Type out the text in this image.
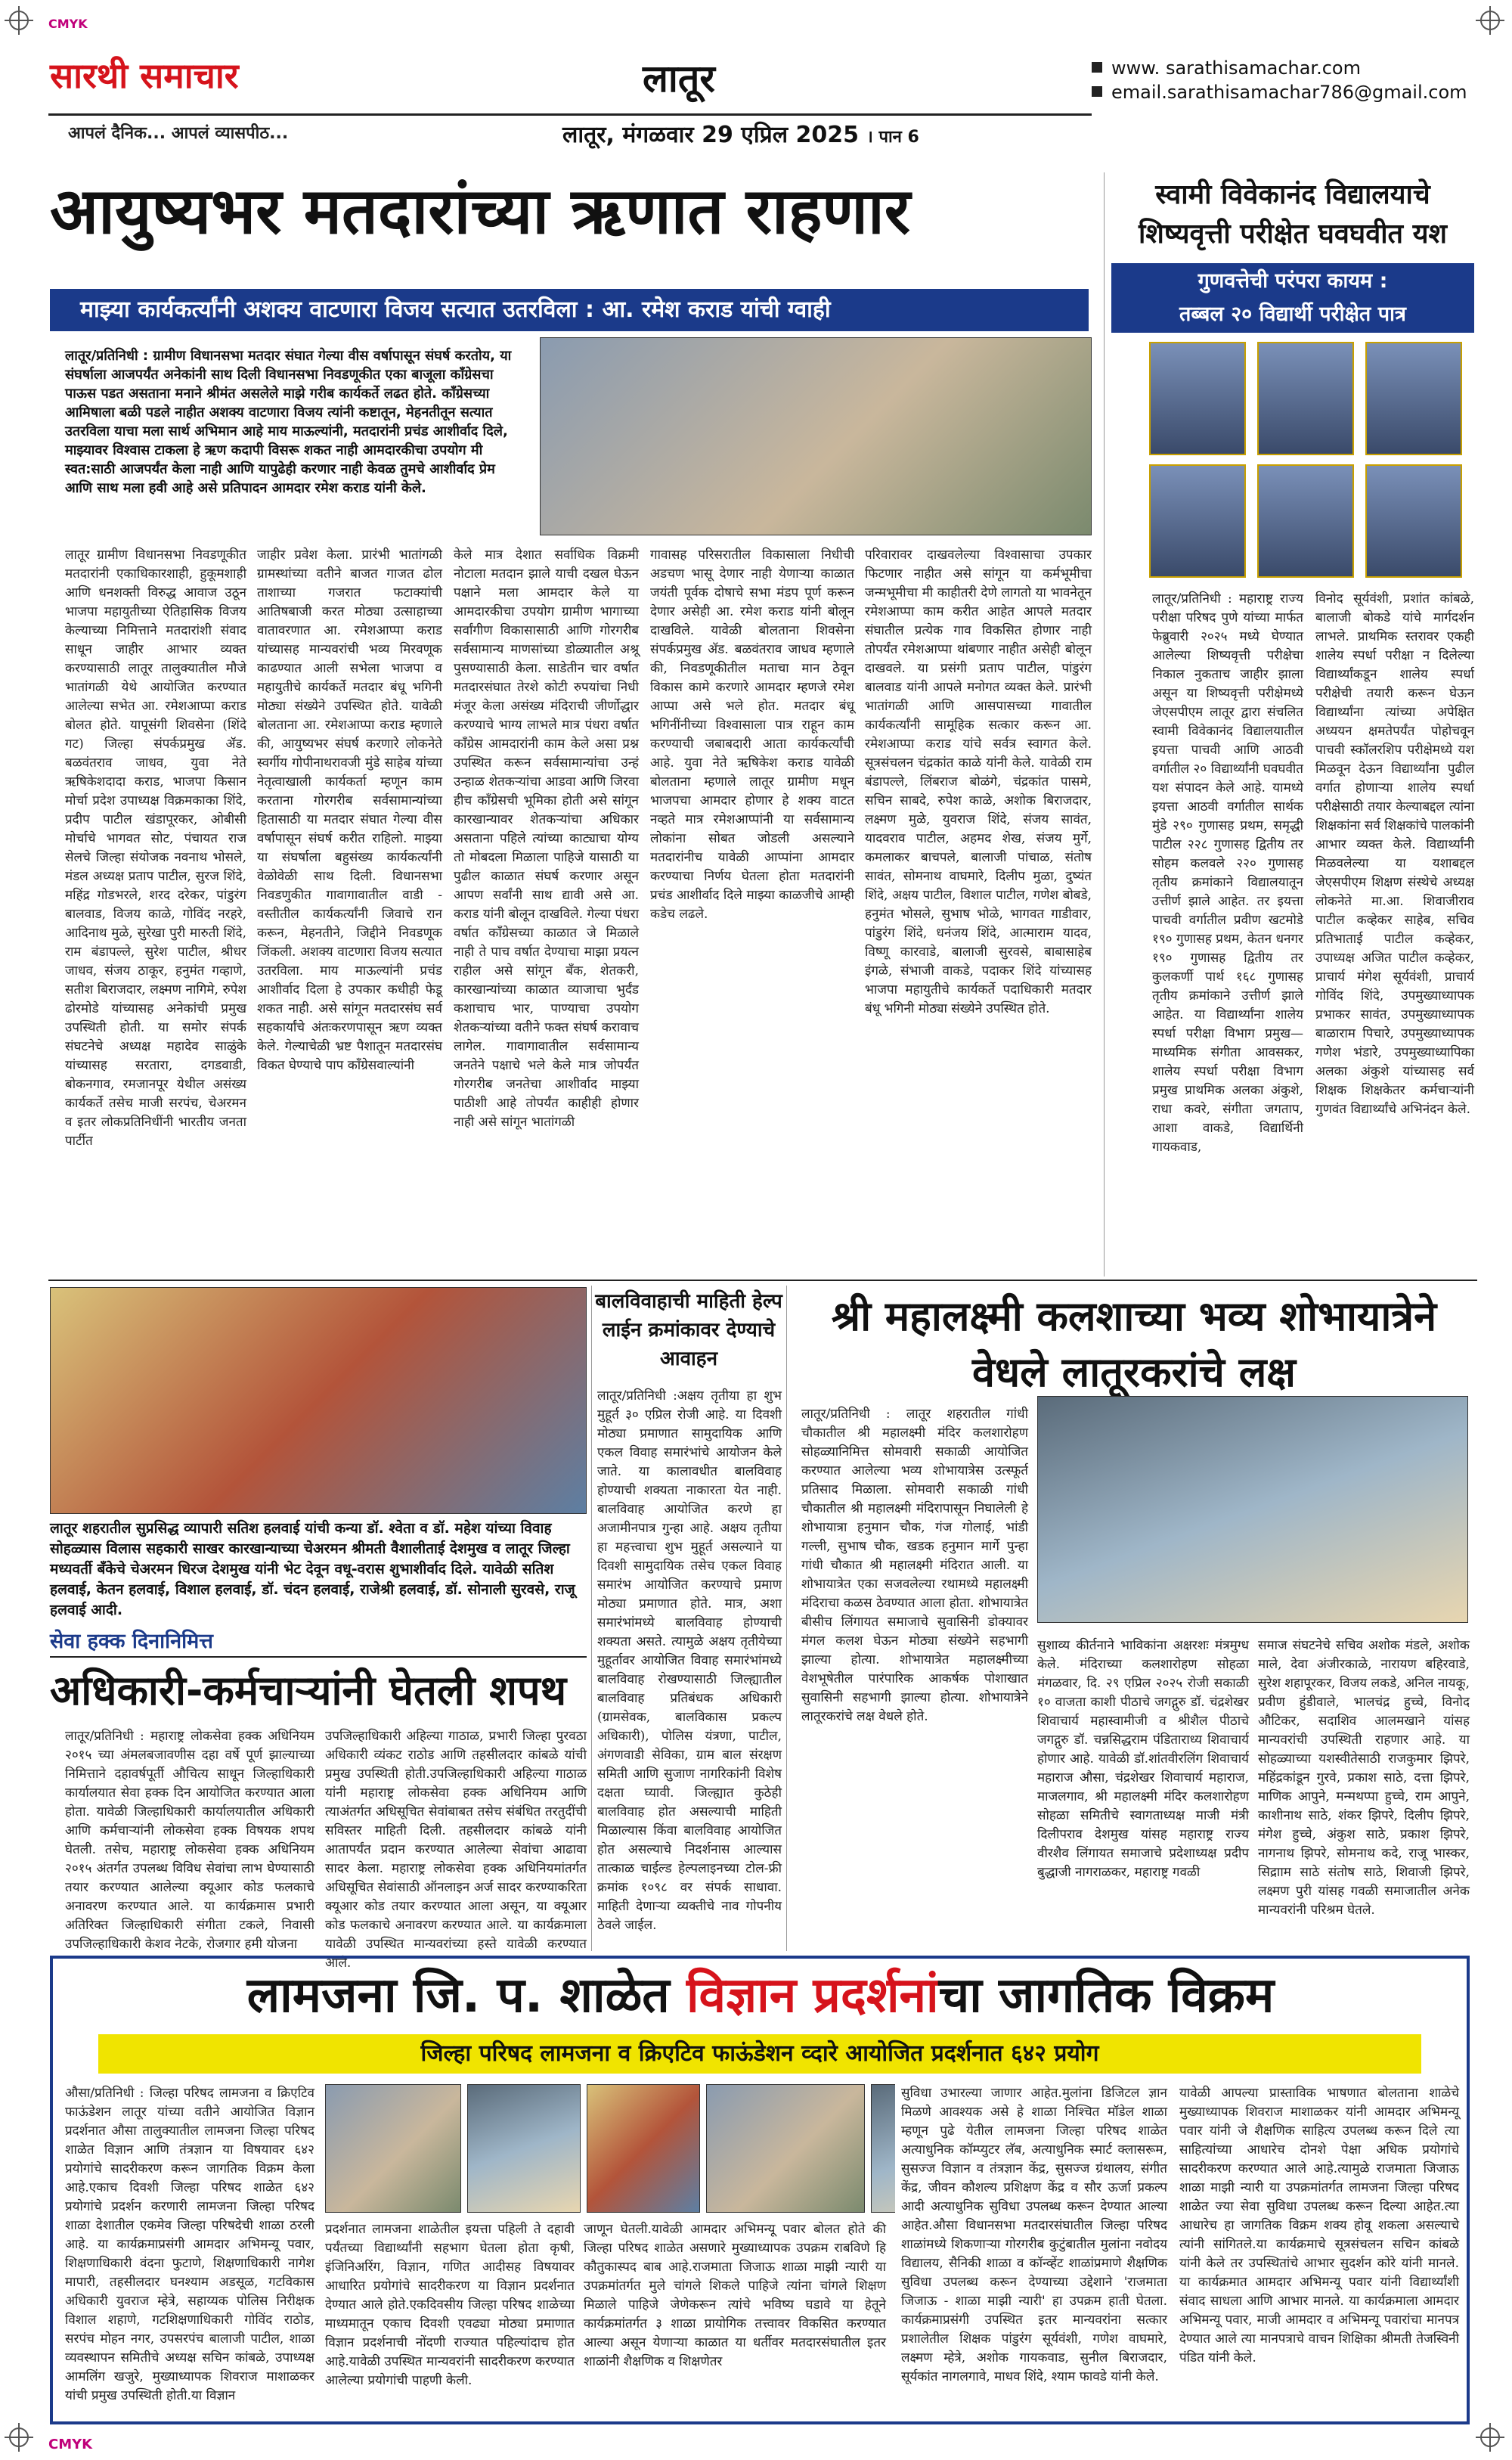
CMYK
CMYK
सारथी समाचार	लातूर	www. sarathisamachar.com
email.sarathisamachar786@gmail.com
आपलं दैनिक... आपलं व्यासपीठ...	लातूर, मंगळवार 29 एप्रिल 2025 । पान 6
आयुष्यभर मतदारांच्या ऋणात राहणार
माझ्या कार्यकर्त्यांनी अशक्य वाटणारा विजय सत्यात उतरविला : आ. रमेश कराड यांची ग्वाही
लातूर/प्रतिनिधी : ग्रामीण विधानसभा मतदार संघात गेल्या वीस वर्षापासून संघर्ष करतोय, या संघर्षाला आजपर्यंत अनेकांनी साथ दिली विधानसभा निवडणूकीत एका बाजूला कॉंग्रेसचा पाऊस पडत असताना मनाने श्रीमंत असलेले माझे गरीब कार्यकर्ते लढत होते. कॉंग्रेसच्या आमिषाला बळी पडले नाहीत अशक्य वाटणारा विजय त्यांनी कष्टातून, मेहनतीतून सत्यात उतरविला याचा मला सार्थ अभिमान आहे माय माऊल्यांनी, मतदारांनी प्रचंड आशीर्वाद दिले, माझ्यावर विश्वास टाकला हे ऋण कदापी विसरू शकत नाही आमदारकीचा उपयोग मी स्वत:साठी आजपर्यंत केला नाही आणि यापुढेही करणार नाही केवळ तुमचे आशीर्वाद प्रेम आणि साथ मला हवी आहे असे प्रतिपादन आमदार रमेश कराड यांनी केले.
लातूर ग्रामीण विधानसभा निवडणूकीत मतदारांनी एकाधिकारशाही, हुकूमशाही आणि धनशक्ती विरुद्ध आवाज उठून भाजपा महायुतीच्या ऐतिहासिक विजय केल्याच्या निमित्ताने मतदारांशी संवाद साधून जाहीर आभार व्यक्त करण्यासाठी लातूर तालुक्यातील मौजे भातांगळी येथे आयोजित करण्यात आलेल्या सभेत आ. रमेशआप्पा कराड बोलत होते. यापूसंगी शिवसेना (शिंदे गट) जिल्हा संपर्कप्रमुख ॲड. बळवंतराव जाधव, युवा नेते ऋषिकेशदादा कराड, भाजपा किसान मोर्चा प्रदेश उपाध्यक्ष विक्रमकाका शिंदे, प्रदीप पाटील खंडापूरकर, ओबीसी मोर्चाचे भागवत सोट, पंचायत राज सेलचे जिल्हा संयोजक नवनाथ भोसले, मंडल अध्यक्ष प्रताप पाटील, सुरज शिंदे, महिंद्र गोडभरले, शरद दरेकर, पांडुरंग बालवाड, विजय काळे, गोविंद नरहरे, आदिनाथ मुळे, सुरेखा पुरी मारुती शिंदे, राम बंडापल्ले, सुरेश पाटील, श्रीधर जाधव, संजय ठाकूर, हनुमंत गव्हाणे, सतीश बिराजदार, लक्ष्मण नागिमे, रुपेश ढोरमोडे यांच्यासह अनेकांची प्रमुख उपस्थिती होती. या समोर संपर्क संघटनेचे अध्यक्ष महादेव साळुंके यांच्यासह सरतारा, दगडवाडी, बोकनगाव, रमजानपूर येथील असंख्य कार्यकर्ते तसेच माजी सरपंच, चेअरमन व इतर लोकप्रतिनिधींनी भारतीय जनता पार्टीत
जाहीर प्रवेश केला. प्रारंभी भातांगळी ग्रामस्थांच्या वतीने बाजत गाजत ढोल ताशाच्या गजरात फटाक्यांची आतिषबाजी करत मोठ्या उत्साहाच्या वातावरणात आ. रमेशआप्पा कराड यांच्यासह मान्यवरांची भव्य मिरवणूक काढण्यात आली सभेला भाजपा व महायुतीचे कार्यकर्ते मतदार बंधू भगिनी मोठ्या संख्येने उपस्थित होते. यावेळी बोलताना आ. रमेशआप्पा कराड म्हणाले की, आयुष्यभर संघर्ष करणारे लोकनेते स्वर्गीय गोपीनाथरावजी मुंडे साहेब यांच्या नेतृत्वाखाली कार्यकर्ता म्हणून काम करताना गोरगरीब सर्वसामान्यांच्या हितासाठी या मतदार संघात गेल्या वीस वर्षापासून संघर्ष करीत राहिलो. माझ्या या संघर्षाला बहुसंख्य कार्यकर्त्यांनी वेळोवेळी साथ दिली. विधानसभा निवडणुकीत गावागावातील वाडी - वस्तीतील कार्यकर्त्यांनी जिवाचे रान करून, मेहनतीने, जिद्दीने निवडणूक जिंकली. अशक्य वाटणारा विजय सत्यात उतरविला. माय माऊल्यांनी प्रचंड आशीर्वाद दिला हे उपकार कधीही फेडू शकत नाही. असे सांगून मतदारसंघ सर्व सहकार्यांचे अंतःकरणपासून ऋण व्यक्त केले. गेल्याचेळी भ्रष्ट पैशातून मतदारसंघ विकत घेण्याचे पाप कॉंग्रेसवाल्यांनी
केले मात्र देशात सर्वाधिक विक्रमी नोटाला मतदान झाले याची दखल घेऊन पक्षाने मला आमदार केले या आमदारकीचा उपयोग ग्रामीण भागाच्या सर्वांगीण विकासासाठी आणि गोरगरीब सर्वसामान्य माणसांच्या डोळ्यातील अश्रू पुसण्यासाठी केला. साडेतीन चार वर्षात मतदारसंघात तेरशे कोटी रुपयांचा निधी मंजूर केला असंख्य मंदिराची जीर्णोद्धार करण्याचे भाग्य लाभले मात्र पंधरा वर्षात कॉंग्रेस आमदारांनी काम केले असा प्रश्न उपस्थित करून सर्वसामान्यांचा उन्हं उन्हाळ शेतकऱ्यांचा आडवा आणि जिरवा हीच कॉंग्रेसची भूमिका होती असे सांगून कारखान्यावर शेतकऱ्यांचा अधिकार असताना पहिले त्यांच्या काट्याचा योग्य तो मोबदला मिळाला पाहिजे यासाठी या पुढील काळात संघर्ष करणार असून आपण सर्वांनी साथ द्यावी असे आ. कराड यांनी बोलून दाखविले. गेल्या पंधरा वर्षात कॉंग्रेसच्या काळात जे मिळाले नाही ते पाच वर्षात देण्याचा माझा प्रयत्न राहील असे सांगून बँक, शेतकरी, कारखान्यांच्या काळात व्याजाचा भुर्दंड कशाचाच भार, पाण्याचा उपयोग शेतकऱ्यांच्या वतीने फक्त संघर्ष करावाच लागेल. गावागावातील सर्वसामान्य जनतेने पक्षाचे भले केले मात्र जोपर्यंत गोरगरीब जनतेचा आशीर्वाद माझ्या पाठीशी आहे तोपर्यंत काहीही होणार नाही असे सांगून भातांगळी
गावासह परिसरातील विकासाला निधीची अडचण भासू देणार नाही येणाऱ्या काळात जयंती पूर्वक दोषाचे सभा मंडप पूर्ण करून देणार असेही आ. रमेश कराड यांनी बोलून दाखविले. यावेळी बोलताना शिवसेना संपर्कप्रमुख ॲड. बळवंतराव जाधव म्हणाले की, निवडणूकीतील मताचा मान ठेवून विकास कामे करणारे आमदार म्हणजे रमेश आप्पा असे भले होत. मतदार बंधू भगिनींनीच्या विश्वासाला पात्र राहून काम करण्याची जबाबदारी आता कार्यकर्त्यांची आहे. युवा नेते ऋषिकेश कराड यावेळी बोलताना म्हणाले लातूर ग्रामीण मधून भाजपचा आमदार होणार हे शक्य वाटत नव्हते मात्र रमेशआप्पांनी या सर्वसामान्य लोकांना सोबत जोडली असल्याने मतदारांनीच यावेळी आप्पांना आमदार करण्याचा निर्णय घेतला होता मतदारांनी प्रचंड आशीर्वाद दिले माझ्या काळजीचे आम्ही कडेच लढले.
परिवारावर दाखवलेल्या विश्वासाचा उपकार फिटणार नाहीत असे सांगून या कर्मभूमीचा जन्मभूमीचा मी काहीतरी देणे लागतो या भावनेतून रमेशआप्पा काम करीत आहेत आपले मतदार संघातील प्रत्येक गाव विकसित होणार नाही तोपर्यंत रमेशआप्पा थांबणार नाहीत असेही बोलून दाखवले. या प्रसंगी प्रताप पाटील, पांडुरंग बालवाड यांनी आपले मनोगत व्यक्त केले. प्रारंभी भातांगळी आणि आसपासच्या गावातील कार्यकर्त्यांनी सामूहिक सत्कार करून आ. रमेशआप्पा कराड यांचे सर्वत्र स्वागत केले. सूत्रसंचलन चंद्रकांत काळे यांनी केले. यावेळी राम बंडापल्ले, लिंबराज बोळंगे, चंद्रकांत पासमे, सचिन साबदे, रुपेश काळे, अशोक बिराजदार, लक्ष्मण मुळे, युवराज शिंदे, संजय सावंत, यादवराव पाटील, अहमद शेख, संजय मुर्गे, कमलाकर बाचपले, बालाजी पांचाळ, संतोष सावंत, सोमनाथ वाघमारे, दिलीप मुळा, दुष्यंत शिंदे, अक्षय पाटील, विशाल पाटील, गणेश बोबडे, हनुमंत भोसले, सुभाष भोळे, भागवत गाडीवार, पांडुरंग शिंदे, धनंजय शिंदे, आत्माराम यादव, विष्णू कारवाडे, बालाजी सुरवसे, बाबासाहेब इंगळे, संभाजी वाकडे, पदाकर शिंदे यांच्यासह भाजपा महायुतीचे कार्यकर्ते पदाधिकारी मतदार बंधू भगिनी मोठ्या संख्येने उपस्थित होते.
स्वामी विवेकानंद विद्यालयाचे
शिष्यवृत्ती परीक्षेत घवघवीत यश
गुणवत्तेची परंपरा कायम :
तब्बल २० विद्यार्थी परीक्षेत पात्र
लातूर/प्रतिनिधी : महाराष्ट्र राज्य परीक्षा परिषद पुणे यांच्या मार्फत फेब्रुवारी २०२५ मध्ये घेण्यात आलेल्या शिष्यवृत्ती परीक्षेचा निकाल नुकताच जाहीर झाला असून या शिष्यवृत्ती परीक्षेमध्ये जेएसपीएम लातूर द्वारा संचलित स्वामी विवेकानंद विद्यालयातील इयत्ता पाचवी आणि आठवी वर्गातील २० विद्यार्थ्यांनी घवघवीत यश संपादन केले आहे. यामध्ये इयत्ता आठवी वर्गातील सार्थक मुंडे २९० गुणासह प्रथम, समृद्धी पाटील २२८ गुणासह द्वितीय तर सोहम कलवले २२० गुणासह तृतीय क्रमांकाने विद्यालयातून उत्तीर्ण झाले आहेत. तर इयत्ता पाचवी वर्गातील प्रवीण खटमोडे १९० गुणासह प्रथम, केतन धनगर १९० गुणासह द्वितीय तर कुलकर्णी पार्थ १६८ गुणासह तृतीय क्रमांकाने उत्तीर्ण झाले आहेत. या विद्यार्थ्यांना शालेय स्पर्धा परीक्षा विभाग प्रमुख—माध्यमिक संगीता आवसकर, शालेय स्पर्धा परीक्षा विभाग प्रमुख प्राथमिक अलका अंकुशे, राधा कवरे, संगीता जगताप, आशा वाकडे, विद्यार्थिनी गायकवाड,
विनोद सूर्यवंशी, प्रशांत कांबळे, बालाजी बोकडे यांचे मार्गदर्शन लाभले. प्राथमिक स्तरावर एकही शालेय स्पर्धा परीक्षा न दिलेल्या विद्यार्थ्यांकडून शालेय स्पर्धा परीक्षेची तयारी करून घेऊन विद्यार्थ्यांना त्यांच्या अपेक्षित अध्ययन क्षमतेपर्यंत पोहोचवून पाचवी स्कॉलरशिप परीक्षेमध्ये यश मिळवून देऊन विद्यार्थ्यांना पुढील वर्गात होणाऱ्या शालेय स्पर्धा परीक्षेसाठी तयार केल्याबद्दल त्यांना शिक्षकांना सर्व शिक्षकांचे पालकांनी आभार व्यक्त केले. विद्यार्थ्यांनी मिळवलेल्या या यशाबद्दल जेएसपीएम शिक्षण संस्थेचे अध्यक्ष लोकनेते मा.आ. शिवाजीराव पाटील कव्हेकर साहेब, सचिव प्रतिभाताई पाटील कव्हेकर, उपाध्यक्ष अजित पाटील कव्हेकर, प्राचार्य मंगेश सूर्यवंशी, प्राचार्य गोविंद शिंदे, उपमुख्याध्यापक प्रभाकर सावंत, उपमुख्याध्यापक बाळाराम पिचारे, उपमुख्याध्यापक गणेश भंडारे, उपमुख्याध्यापिका अलका अंकुशे यांच्यासह सर्व शिक्षक शिक्षकेतर कर्मचाऱ्यांनी गुणवंत विद्यार्थ्यांचे अभिनंदन केले.
लातूर शहरातील सुप्रसिद्ध व्यापारी सतिश हलवाई यांची कन्या डॉ. श्वेता व डॉ. महेश यांच्या विवाह सोहळ्यास विलास सहकारी साखर कारखान्याच्या चेअरमन श्रीमती वैशालीताई देशमुख व लातूर जिल्हा मध्यवर्ती बँकेचे चेअरमन धिरज देशमुख यांनी भेट देवून वधू-वरास शुभाशीर्वाद दिले. यावेळी सतिश हलवाई, केतन हलवाई, विशाल हलवाई, डॉ. चंदन हलवाई, राजेश्री हलवाई, डॉ. सोनाली सुरवसे, राजू हलवाई आदी.
बालविवाहाची माहिती हेल्प लाईन क्रमांकावर देण्याचे आवाहन
लातूर/प्रतिनिधी :अक्षय तृतीया हा शुभ मुहूर्त ३० एप्रिल रोजी आहे. या दिवशी मोठ्या प्रमाणात सामुदायिक आणि एकल विवाह समारंभांचे आयोजन केले जाते. या कालावधीत बालविवाह होण्याची शक्यता नाकारता येत नाही. बालविवाह आयोजित करणे हा अजामीनपात्र गुन्हा आहे. अक्षय तृतीया हा महत्त्वाचा शुभ मुहूर्त असल्याने या दिवशी सामुदायिक तसेच एकल विवाह समारंभ आयोजित करण्याचे प्रमाण मोठ्या प्रमाणात होते. मात्र, अशा समारंभांमध्ये बालविवाह होण्याची शक्यता असते. त्यामुळे अक्षय तृतीयेच्या मुहूर्तावर आयोजित विवाह समारंभांमध्ये बालविवाह रोखण्यासाठी जिल्ह्यातील बालविवाह प्रतिबंधक अधिकारी (ग्रामसेवक, बालविकास प्रकल्प अधिकारी), पोलिस यंत्रणा, पाटील, अंगणवाडी सेविका, ग्राम बाल संरक्षण समिती आणि सुजाण नागरिकांनी विशेष दक्षता घ्यावी. जिल्ह्यात कुठेही बालविवाह होत असल्याची माहिती मिळाल्यास किंवा बालविवाह आयोजित होत असल्याचे निदर्शनास आल्यास तात्काळ चाईल्ड हेल्पलाइनच्या टोल-फ्री क्रमांक १०९८ वर संपर्क साधावा. माहिती देणाऱ्या व्यक्तीचे नाव गोपनीय ठेवले जाईल.
श्री महालक्ष्मी कलशाच्या भव्य शोभायात्रेने वेधले लातूरकरांचे लक्ष
लातूर/प्रतिनिधी : लातूर शहरातील गांधी चौकातील श्री महालक्ष्मी मंदिर कलशारोहण सोहळ्यानिमित्त सोमवारी सकाळी आयोजित करण्यात आलेल्या भव्य शोभायात्रेस उत्स्फूर्त प्रतिसाद मिळाला. सोमवारी सकाळी गांधी चौकातील श्री महालक्ष्मी मंदिरापासून निघालेली हे शोभायात्रा हनुमान चौक, गंज गोलाई, भांडी गल्ली, सुभाष चौक, खडक हनुमान मार्गे पुन्हा गांधी चौकात श्री महालक्ष्मी मंदिरात आली. या शोभायात्रेत एका सजवलेल्या रथामध्ये महालक्ष्मी मंदिराचा कळस ठेवण्यात आला होता. शोभायात्रेत बीसीच लिंगायत समाजाचे सुवासिनी डोक्यावर मंगल कलश घेऊन मोठ्या संख्येने सहभागी झाल्या होत्या. शोभायात्रेत महालक्ष्मीच्या वेशभूषेतील पारंपारिक आकर्षक पोशाखात सुवासिनी सहभागी झाल्या होत्या. शोभायात्रेने लातूरकरांचे लक्ष वेधले होते.
सुशाव्य कीर्तनाने भाविकांना अक्षरशः मंत्रमुग्ध केले. मंदिराच्या कलशारोहण सोहळा मंगळवार, दि. २९ एप्रिल २०२५ रोजी सकाळी १० वाजता काशी पीठाचे जगद्गुरु डॉ. चंद्रशेखर शिवाचार्य महास्वामीजी व श्रीशैल पीठाचे जगद्गुरु डॉ. चन्नसिद्धराम पंडिताराध्य शिवाचार्य होणार आहे. यावेळी डॉ.शांतवीरलिंग शिवाचार्य महाराज औसा, चंद्रशेखर शिवाचार्य महाराज, माजलगाव, श्री महालक्ष्मी मंदिर कलशारोहण सोहळा समितीचे स्वागताध्यक्ष माजी मंत्री दिलीपराव देशमुख यांसह महाराष्ट्र राज्य वीरशैव लिंगायत समाजाचे प्रदेशाध्यक्ष प्रदीप बुद्धाजी नागराळकर, महाराष्ट्र गवळी
समाज संघटनेचे सचिव अशोक मंडले, अशोक माले, देवा अंजीरकाळे, नारायण बहिरवाडे, सुरेश शहापूरकर, विजय लकडे, अनिल नायकू, प्रवीण हुंडीवाले, भालचंद्र हुच्चे, विनोद औटिकर, सदाशिव आलमखाने यांसह मान्यवरांची उपस्थिती राहणार आहे. या सोहळ्याच्या यशस्वीतेसाठी राजकुमार झिपरे, महिंद्रकांडून गुरवे, प्रकाश साठे, दत्ता झिपरे, माणिक आपुने, मन्मथप्पा हुच्चे, राम आपुने, काशीनाथ साठे, शंकर झिपरे, दिलीप झिपरे, मंगेश हुच्चे, अंकुश साठे, प्रकाश झिपरे, नागनाथ झिपरे, सोमनाथ कदे, राजू भास्कर, सिद्रााम साठे संतोष साठे, शिवाजी झिपरे, लक्ष्मण पुरी यांसह गवळी समाजातील अनेक मान्यवरांनी परिश्रम घेतले.
सेवा हक्क दिनानिमित्त
अधिकारी-कर्मचाऱ्यांनी घेतली शपथ
लातूर/प्रतिनिधी : महाराष्ट्र लोकसेवा हक्क अधिनियम २०१५ च्या अंमलबजावणीस दहा वर्षे पूर्ण झाल्याच्या निमित्ताने दहावर्षपूर्ती औचित्य साधून जिल्हाधिकारी कार्यालयात सेवा हक्क दिन आयोजित करण्यात आला होता. यावेळी जिल्हाधिकारी कार्यालयातील अधिकारी आणि कर्मचाऱ्यांनी लोकसेवा हक्क विषयक शपथ घेतली. तसेच, महाराष्ट्र लोकसेवा हक्क अधिनियम २०१५ अंतर्गत उपलब्ध विविध सेवांचा लाभ घेण्यासाठी तयार करण्यात आलेल्या क्यूआर कोड फलकाचे अनावरण करण्यात आले. या कार्यक्रमास प्रभारी अतिरिक्त जिल्हाधिकारी संगीता टकले, निवासी उपजिल्हाधिकारी केशव नेटके, रोजगार हमी योजना
उपजिल्हाधिकारी अहिल्या गाठाळ, प्रभारी जिल्हा पुरवठा अधिकारी व्यंकट राठोड आणि तहसीलदार कांबळे यांची प्रमुख उपस्थिती होती.उपजिल्हाधिकारी अहिल्या गाठाळ यांनी महाराष्ट्र लोकसेवा हक्क अधिनियम आणि त्याअंतर्गत अधिसूचित सेवांबाबत तसेच संबंधित तरतुदींची सविस्तर माहिती दिली. तहसीलदार कांबळे यांनी आतापर्यंत प्रदान करण्यात आलेल्या सेवांचा आढावा सादर केला. महाराष्ट्र लोकसेवा हक्क अधिनियमांतर्गत अधिसूचित सेवांसाठी ऑनलाइन अर्ज सादर करण्याकरिता क्यूआर कोड तयार करण्यात आला असून, या क्यूआर कोड फलकाचे अनावरण करण्यात आले. या कार्यक्रमाला यावेळी उपस्थित मान्यवरांच्या हस्ते यावेळी करण्यात आले.
लामजना जि. प. शाळेत विज्ञान प्रदर्शनांचा जागतिक विक्रम
जिल्हा परिषद लामजना व क्रिएटिव फाऊंडेशन व्दारे आयोजित प्रदर्शनात ६४२ प्रयोग
औसा/प्रतिनिधी : जिल्हा परिषद लामजना व क्रिएटिव फाऊंडेशन लातूर यांच्या वतीने आयोजित विज्ञान प्रदर्शनात औसा तालुक्यातील लामजना जिल्हा परिषद शाळेत विज्ञान आणि तंत्रज्ञान या विषयावर ६४२ प्रयोगांचे सादरीकरण करून जागतिक विक्रम केला आहे.एकाच दिवशी जिल्हा परिषद शाळेत ६४२ प्रयोगांचे प्रदर्शन करणारी लामजना जिल्हा परिषद शाळा देशातील एकमेव जिल्हा परिषदेची शाळा ठरली आहे. या कार्यक्रमाप्रसंगी आमदार अभिमन्यू पवार, शिक्षणाधिकारी वंदना फुटाणे, शिक्षणाधिकारी नागेश मापारी, तहसीलदार घनश्याम अडसूळ, गटविकास अधिकारी युवराज म्हेत्रे, सहाय्यक पोलिस निरीक्षक विशाल शहाणे, गटशिक्षणाधिकारी गोविंद राठोड, सरपंच मोहन नगर, उपसरपंच बालाजी पाटील, शाळा व्यवस्थापन समितीचे अध्यक्ष सचिन कांबळे, उपाध्यक्ष आमलिंग खजुरे, मुख्याध्यापक शिवराज माशाळकर यांची प्रमुख उपस्थिती होती.या विज्ञान
प्रदर्शनात लामजना शाळेतील इयत्ता पहिली ते दहावी पर्यंतच्या विद्यार्थ्यांनी सहभाग घेतला होता कृषी, इंजिनिअरिंग, विज्ञान, गणित आदीसह विषयावर आधारित प्रयोगांचे सादरीकरण या विज्ञान प्रदर्शनात देण्यात आले होते.एकदिवसीय जिल्हा परिषद शाळेच्या माध्यमातून एकाच दिवशी एवढ्या मोठ्या प्रमाणात विज्ञान प्रदर्शनाची नोंदणी राज्यात पहिल्यांदाच होत आहे.यावेळी उपस्थित मान्यवरांनी सादरीकरण करण्यात आलेल्या प्रयोगांची पाहणी केली.
जाणून घेतली.यावेळी आमदार अभिमन्यू पवार बोलत होते की जिल्हा परिषद शाळेत असणारे मुख्याध्यापक उपक्रम राबविणे हि कौतुकास्पद बाब आहे.राजमाता जिजाऊ शाळा माझी न्यारी या उपक्रमांतर्गत मुले चांगले शिकले पाहिजे त्यांना चांगले शिक्षण मिळाले पाहिजे जेणेकरून त्यांचे भविष्य घडावे या हेतूने कार्यक्रमांतर्गत ३ शाळा प्रायोगिक तत्त्वावर विकसित करण्यात आल्या असून येणाऱ्या काळात या धर्तीवर मतदारसंघातील इतर शाळांनी शैक्षणिक व शिक्षणेतर
सुविधा उभारल्या जाणार आहेत.मुलांना डिजिटल ज्ञान मिळणे आवश्यक असे हे शाळा निश्चित मॉडेल शाळा म्हणून पुढे येतील लामजना जिल्हा परिषद शाळेत अत्याधुनिक कॉम्प्युटर लॅब, अत्याधुनिक स्मार्ट क्लासरूम, सुसज्ज विज्ञान व तंत्रज्ञान केंद्र, सुसज्ज ग्रंथालय, संगीत केंद्र, जीवन कौशल्य प्रशिक्षण केंद्र व सौर ऊर्जा प्रकल्प आदी अत्याधुनिक सुविधा उपलब्ध करून देण्यात आल्या आहेत.औसा विधानसभा मतदारसंघातील जिल्हा परिषद शाळांमध्ये शिकणाऱ्या गोरगरीब कुटुंबातील मुलांना नवोदय विद्यालय, सैनिकी शाळा व कॉन्व्हेंट शाळांप्रमाणे शैक्षणिक सुविधा उपलब्ध करून देण्याच्या उद्देशाने 'राजमाता जिजाऊ - शाळा माझी न्यारी' हा उपक्रम हाती घेतला. कार्यक्रमाप्रसंगी उपस्थित इतर मान्यवरांना सत्कार प्रशालेतील शिक्षक पांडुरंग सूर्यवंशी, गणेश वाघमारे, लक्ष्मण म्हेत्रे, अशोक गायकवाड, सुनील बिराजदार, सूर्यकांत नागलगावे, माधव शिंदे, श्याम फावडे यांनी केले.
यावेळी आपल्या प्रास्ताविक भाषणात बोलताना शाळेचे मुख्याध्यापक शिवराज माशाळकर यांनी आमदार अभिमन्यू पवार यांनी जे शैक्षणिक साहित्य उपलब्ध करून दिले त्या साहित्यांच्या आधारेच दोनशे पेक्षा अधिक प्रयोगांचे सादरीकरण करण्यात आले आहे.त्यामुळे राजमाता जिजाऊ शाळा माझी न्यारी या उपक्रमांतर्गत लामजना जिल्हा परिषद शाळेत ज्या सेवा सुविधा उपलब्ध करून दिल्या आहेत.त्या आधारेच हा जागतिक विक्रम शक्य होवू शकला असल्याचे त्यांनी सांगितले.या कार्यक्रमाचे सूत्रसंचलन सचिन कांबळे यांनी केले तर उपस्थितांचे आभार सुदर्शन कोरे यांनी मानले. या कार्यक्रमात आमदार अभिमन्यू पवार यांनी विद्यार्थ्यांशी संवाद साधला आणि आभार मानले. या कार्यक्रमाला आमदार अभिमन्यू पवार, माजी आमदार व अभिमन्यू पवारांचा मानपत्र देण्यात आले त्या मानपत्राचे वाचन शिक्षिका श्रीमती तेजस्विनी पंडित यांनी केले.
